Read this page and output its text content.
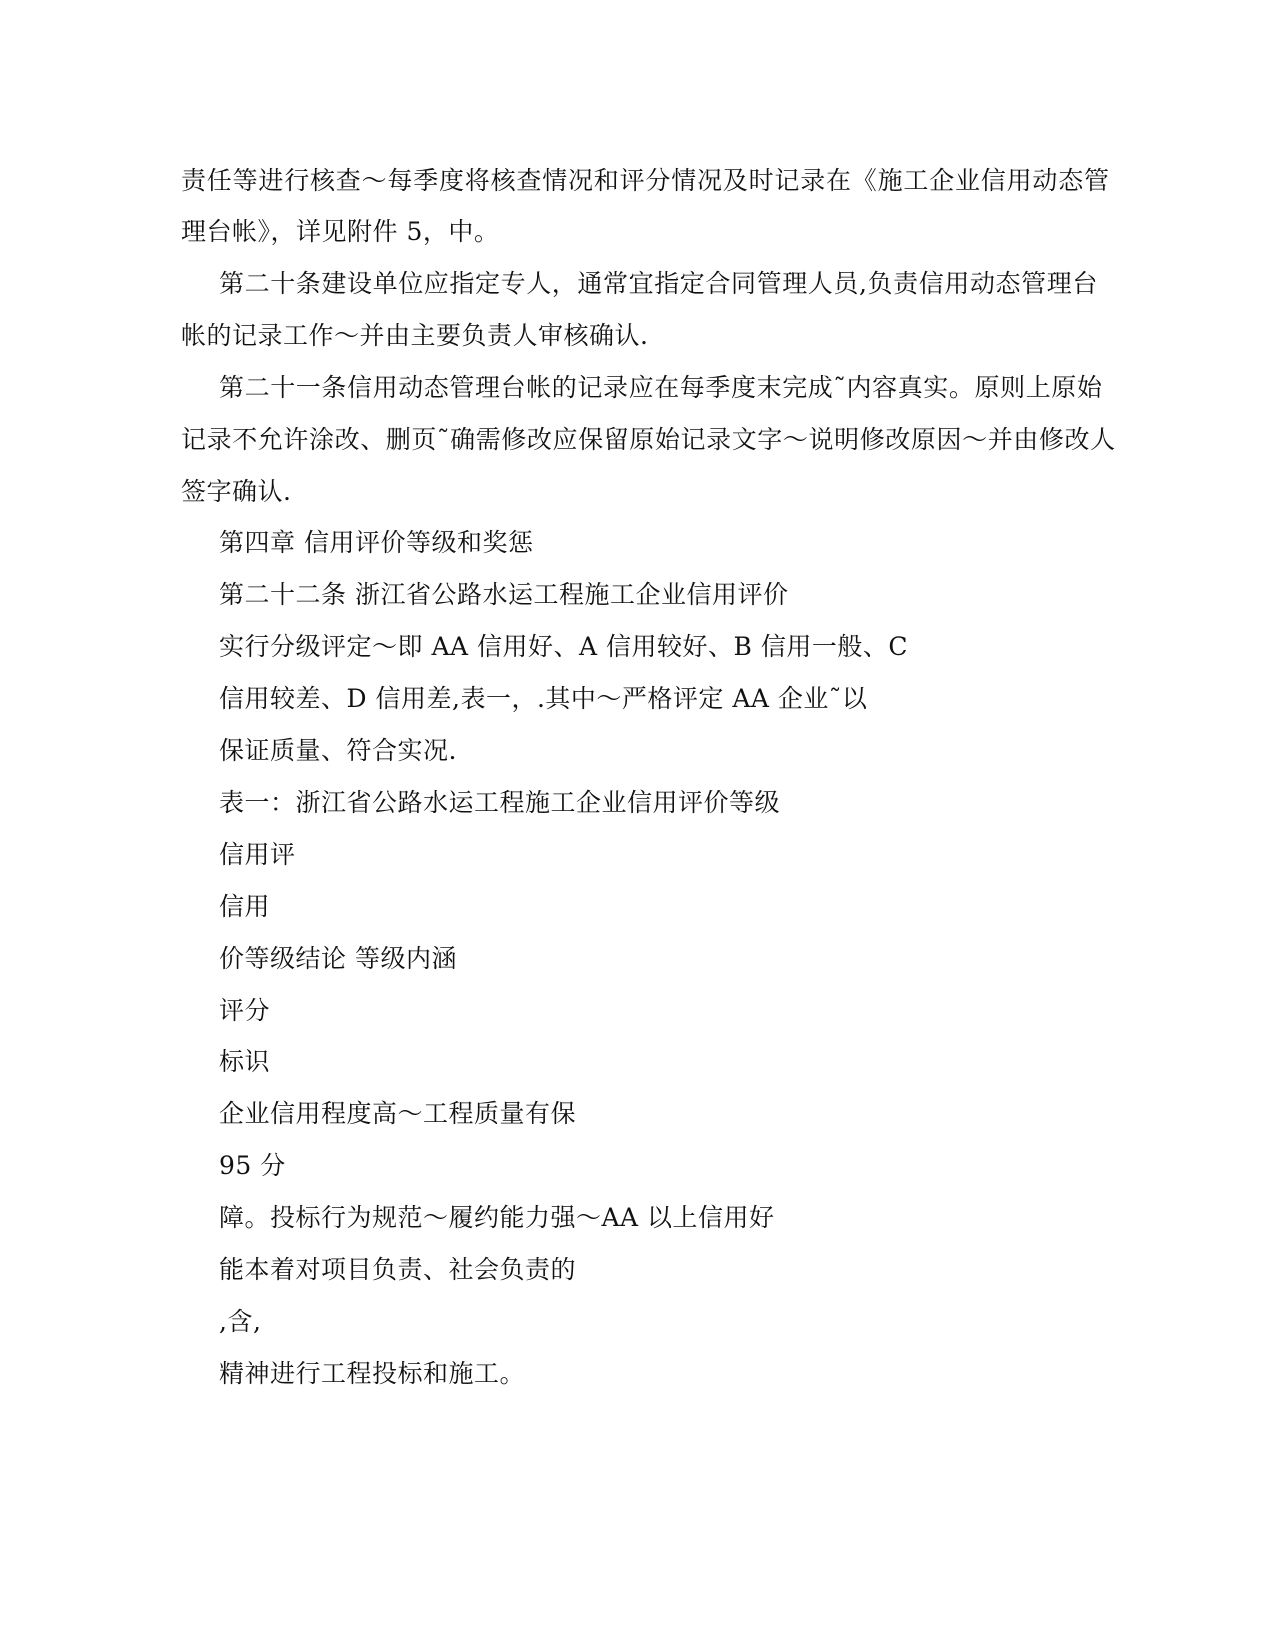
责任等进行核查～每季度将核查情况和评分情况及时记录在《施工企业信用动态管
理台帐》，详见附件 5，中。
第二十条建设单位应指定专人，通常宜指定合同管理人员,负责信用动态管理台
帐的记录工作～并由主要负责人审核确认.
第二十一条信用动态管理台帐的记录应在每季度末完成˜内容真实。原则上原始
记录不允许涂改、删页˜确需修改应保留原始记录文字～说明修改原因～并由修改人
签字确认.
第四章 信用评价等级和奖惩
第二十二条 浙江省公路水运工程施工企业信用评价
实行分级评定～即 AA 信用好、A 信用较好、B 信用一般、C
信用较差、D 信用差,表一，.其中～严格评定 AA 企业˜以
保证质量、符合实况.
表一：浙江省公路水运工程施工企业信用评价等级
信用评
信用
价等级结论 等级内涵
评分
标识
企业信用程度高～工程质量有保
95 分
障。投标行为规范～履约能力强～AA 以上信用好
能本着对项目负责、社会负责的
,含,
精神进行工程投标和施工。
